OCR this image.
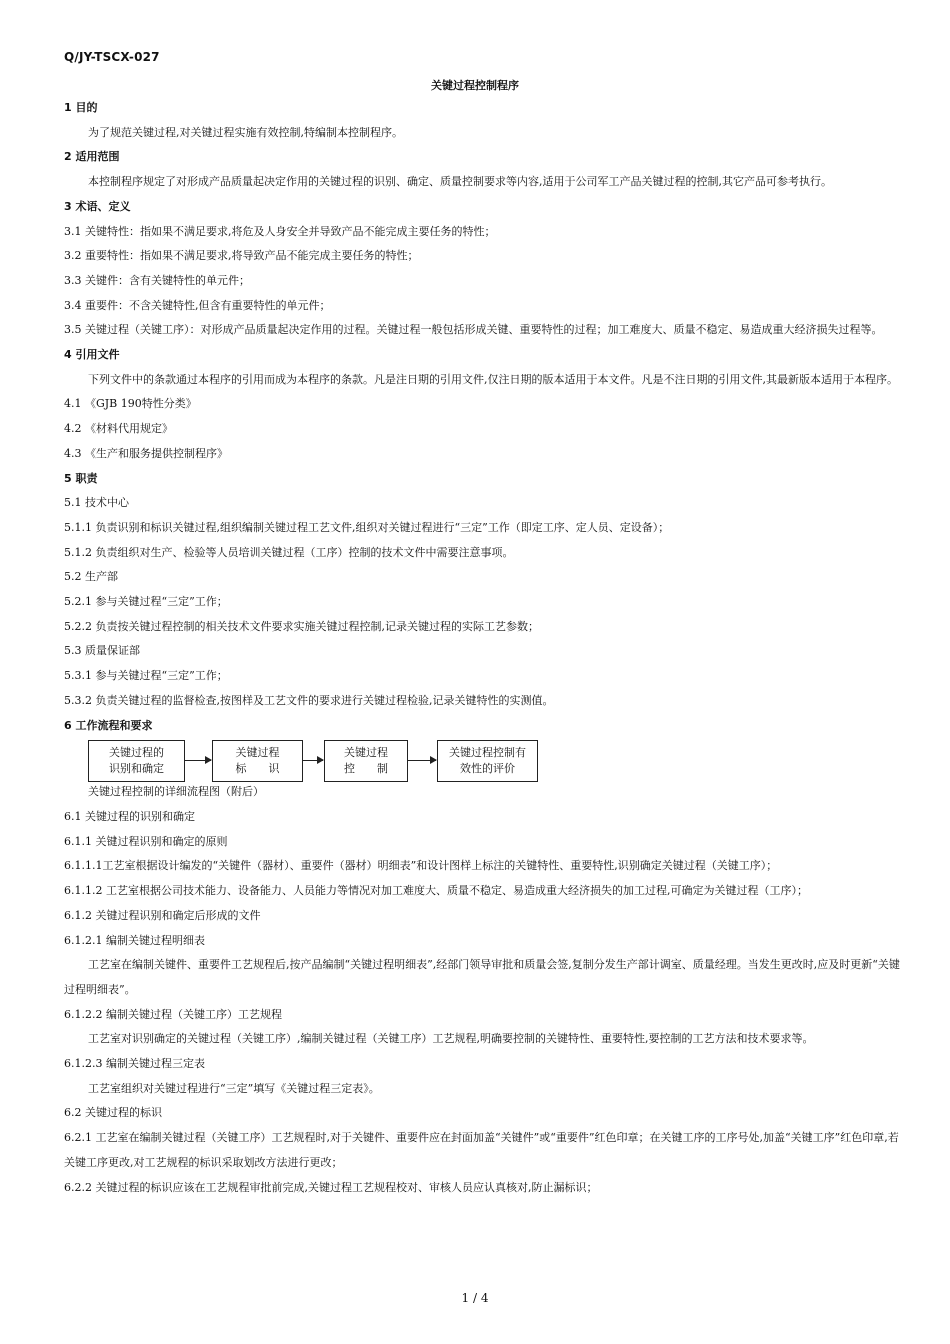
Q/JY-TSCX-027
关键过程控制程序

1 目的

为了规范关键过程,对关键过程实施有效控制,特编制本控制程序。

2 适用范围

本控制程序规定了对形成产品质量起决定作用的关键过程的识别、确定、质量控制要求等内容,适用于公司军工产品关键过程的控制,其它产品可参考执行。

3 术语、定义

3.1 关键特性：指如果不满足要求,将危及人身安全并导致产品不能完成主要任务的特性；

3.2 重要特性：指如果不满足要求,将导致产品不能完成主要任务的特性；

3.3 关键件：含有关键特性的单元件；

3.4 重要件：不含关键特性,但含有重要特性的单元件；

3.5 关键过程（关键工序）：对形成产品质量起决定作用的过程。关键过程一般包括形成关键、重要特性的过程；加工难度大、质量不稳定、易造成重大经济损失过程等。

4 引用文件

下列文件中的条款通过本程序的引用而成为本程序的条款。凡是注日期的引用文件,仅注日期的版本适用于本文件。凡是不注日期的引用文件,其最新版本适用于本程序。

4.1 《GJB 190特性分类》

4.2 《材料代用规定》

4.3 《生产和服务提供控制程序》

5 职责

5.1 技术中心

5.1.1 负责识别和标识关键过程,组织编制关键过程工艺文件,组织对关键过程进行“三定”工作（即定工序、定人员、定设备）；

5.1.2 负责组织对生产、检验等人员培训关键过程（工序）控制的技术文件中需要注意事项。

5.2 生产部

5.2.1 参与关键过程“三定”工作；

5.2.2 负责按关键过程控制的相关技术文件要求实施关键过程控制,记录关键过程的实际工艺参数；

5.3 质量保证部

5.3.1 参与关键过程“三定”工作；

5.3.2 负责关键过程的监督检查,按图样及工艺文件的要求进行关键过程检验,记录关键特性的实测值。

6 工作流程和要求

关键过程的
识别和确定
关键过程
标　　识
关键过程
控　　制
关键过程控制有
效性的评价

关键过程控制的详细流程图（附后）

6.1 关键过程的识别和确定

6.1.1 关键过程识别和确定的原则

6.1.1.1工艺室根据设计编发的“关键件（器材）、重要件（器材）明细表”和设计图样上标注的关键特性、重要特性,识别确定关键过程（关键工序）；

6.1.1.2 工艺室根据公司技术能力、设备能力、人员能力等情况对加工难度大、质量不稳定、易造成重大经济损失的加工过程,可确定为关键过程（工序）；

6.1.2 关键过程识别和确定后形成的文件

6.1.2.1 编制关键过程明细表

工艺室在编制关键件、重要件工艺规程后,按产品编制“关键过程明细表”,经部门领导审批和质量会签,复制分发生产部计调室、质量经理。当发生更改时,应及时更新“关键过程明细表”。

6.1.2.2 编制关键过程（关键工序）工艺规程

工艺室对识别确定的关键过程（关键工序）,编制关键过程（关键工序）工艺规程,明确要控制的关键特性、重要特性,要控制的工艺方法和技术要求等。

6.1.2.3 编制关键过程三定表

工艺室组织对关键过程进行“三定”填写《关键过程三定表》。

6.2 关键过程的标识

6.2.1 工艺室在编制关键过程（关键工序）工艺规程时,对于关键件、重要件应在封面加盖“关键件”或“重要件”红色印章；在关键工序的工序号处,加盖“关键工序”红色印章,若关键工序更改,对工艺规程的标识采取划改方法进行更改；

6.2.2 关键过程的标识应该在工艺规程审批前完成,关键过程工艺规程校对、审核人员应认真核对,防止漏标识；

1 / 4
